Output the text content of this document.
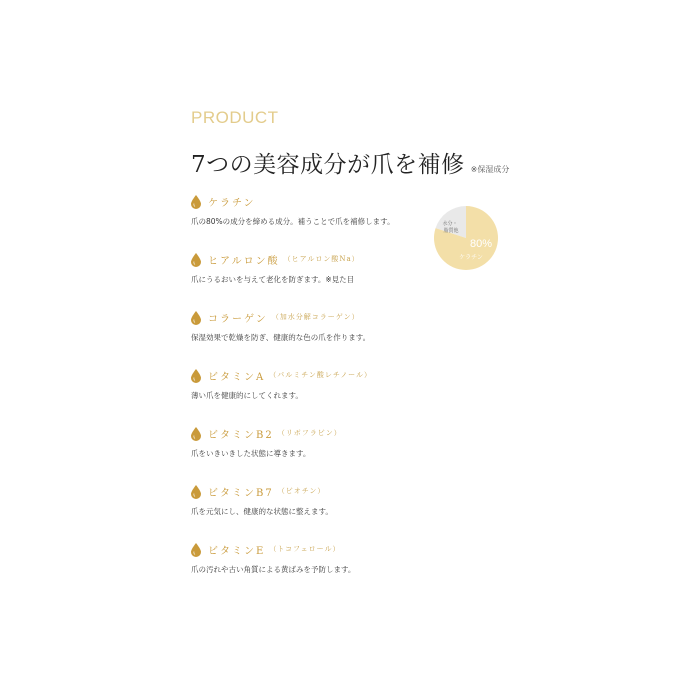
PRODUCT
7つの美容成分が爪を補修 ※保湿成分
ケラチン
爪の80%の成分を締める成分。補うことで爪を補修します。
ヒアルロン酸 （ヒアルロン酸Na）
爪にうるおいを与えて老化を防ぎます。※見た目
コラーゲン （加水分解コラーゲン）
保湿効果で乾燥を防ぎ、健康的な色の爪を作ります。
ビタミンA （パルミチン酸レチノール）
薄い爪を健康的にしてくれます。
ビタミンB2 （リボフラビン）
爪をいきいきした状態に導きます。
ビタミンB7 （ビオチン）
爪を元気にし、健康的な状態に整えます。
ビタミンE （トコフェロール）
爪の汚れや古い角質による黄ばみを予防します。
水分・
脂質他
80%
ケラチン
